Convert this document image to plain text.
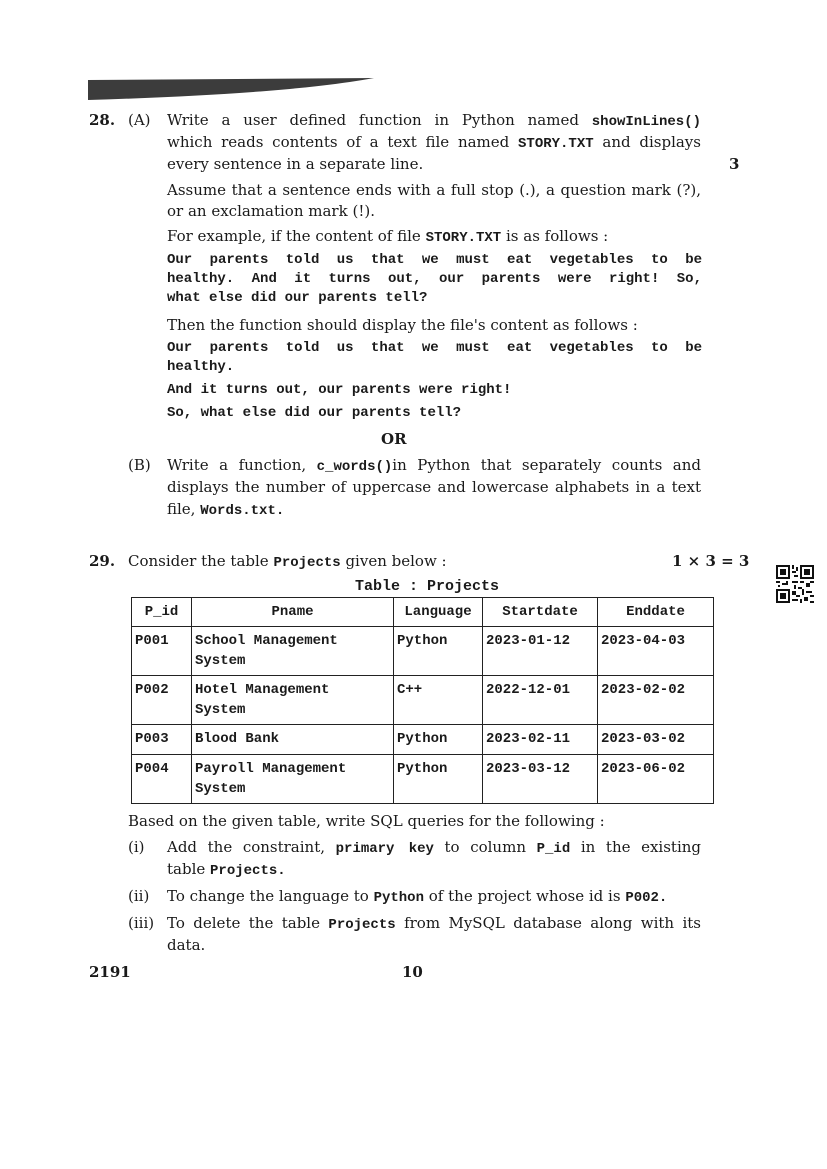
28. (A) Write a user defined function in Python named showInLines()
which reads contents of a text file named STORY.TXT and displays
every sentence in a separate line.	3
Assume that a sentence ends with a full stop (.), a question mark (?),
or an exclamation mark (!).
For example, if the content of file STORY.TXT is as follows :
Our parents told us that we must eat vegetables to be
healthy. And it turns out, our parents were right! So,
what else did our parents tell?
Then the function should display the file's content as follows :
Our parents told us that we must eat vegetables to be
healthy.
And it turns out, our parents were right!
So, what else did our parents tell?
OR
(B) Write a function, c_words()in Python that separately counts and
displays the number of uppercase and lowercase alphabets in a text
file, Words.txt.
29. Consider the table Projects given below :	1 × 3 = 3
Table : Projects
P_id	Pname	Language	Startdate	Enddate
P001	School Management
System	Python	2023-01-12	2023-04-03
P002	Hotel Management
System	C++	2022-12-01	2023-02-02
P003	Blood Bank	Python	2023-02-11	2023-03-02
P004	Payroll Management
System	Python	2023-03-12	2023-06-02
Based on the given table, write SQL queries for the following :
(i) Add the constraint, primary key to column P_id in the existing
table Projects.
(ii) To change the language to Python of the project whose id is P002.
(iii) To delete the table Projects from MySQL database along with its
data.
2191	10
